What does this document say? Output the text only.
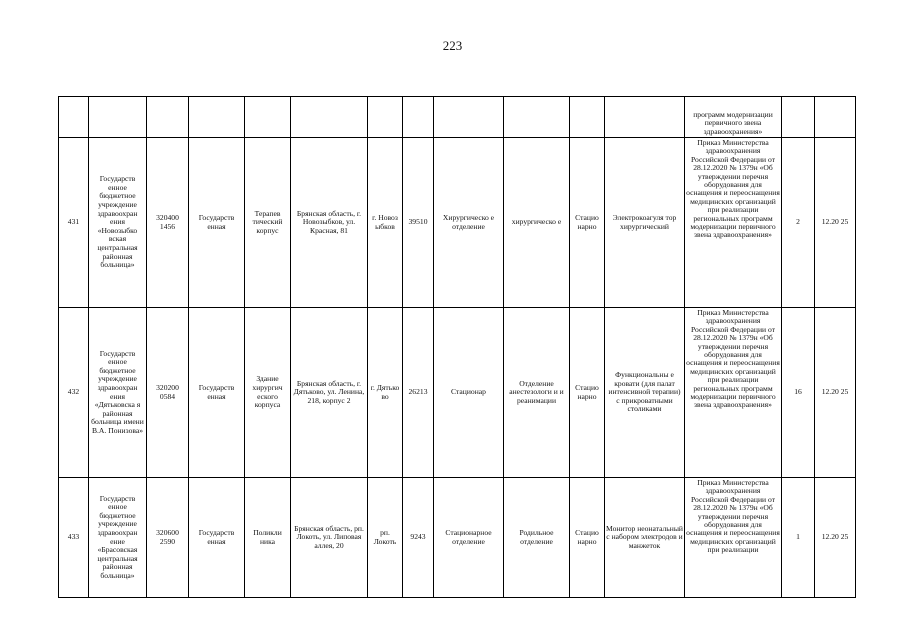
223
												программ модернизации первичного звена здравоохранения»		
431	Государств енное бюджетное учреждение здравоохран ения «Новозыбко вская центральная районная больница»	320400 1456	Государств енная	Терапев тический корпус	Брянская область, г. Новозыбков, ул. Красная, 81	г. Новоз ыбков	39510	Хирургическо е отделение	хирургическо е	Стацио нарно	Электрокоагуля тор хирургический	Приказ Министерства здравоохранения Российской Федерации от 28.12.2020 № 1379н «Об утверждении перечня оборудования для оснащения и переоснащения медицинских организаций при реализации региональных программ модернизации первичного звена здравоохранения»	2	12.20 25
432	Государств енное бюджетное учреждение здравоохран ения «Дятьковска я районная больница имени В.А. Понизова»	320200 0584	Государств енная	Здание хирургич еского корпуса	Брянская область, г. Дятьково, ул. Ленина, 218, корпус 2	г. Дятько во	26213	Стационар	Отделение анестезологи и и реанимации	Стацио нарно	Функциональны е кровати (для палат интенсивной терапии) с прикроватными столиками	Приказ Министерства здравоохранения Российской Федерации от 28.12.2020 № 1379н «Об утверждении перечня оборудования для оснащения и переоснащения медицинских организаций при реализации региональных программ модернизации первичного звена здравоохранения»	16	12.20 25
433	Государств енное бюджетное учреждение здравоохран ение «Брасовская центральная районная больница»	320600 2590	Государств енная	Поликли ника	Брянская область, рп. Локоть, ул. Липовая аллея, 20	рп. Локоть	9243	Стационарное отделение	Родильное отделение	Стацио нарно	Монитор неонатальный с набором электродов и манжеток	Приказ Министерства здравоохранения Российской Федерации от 28.12.2020 № 1379н «Об утверждении перечня оборудования для оснащения и переоснащения медицинских организаций при реализации	1	12.20 25
